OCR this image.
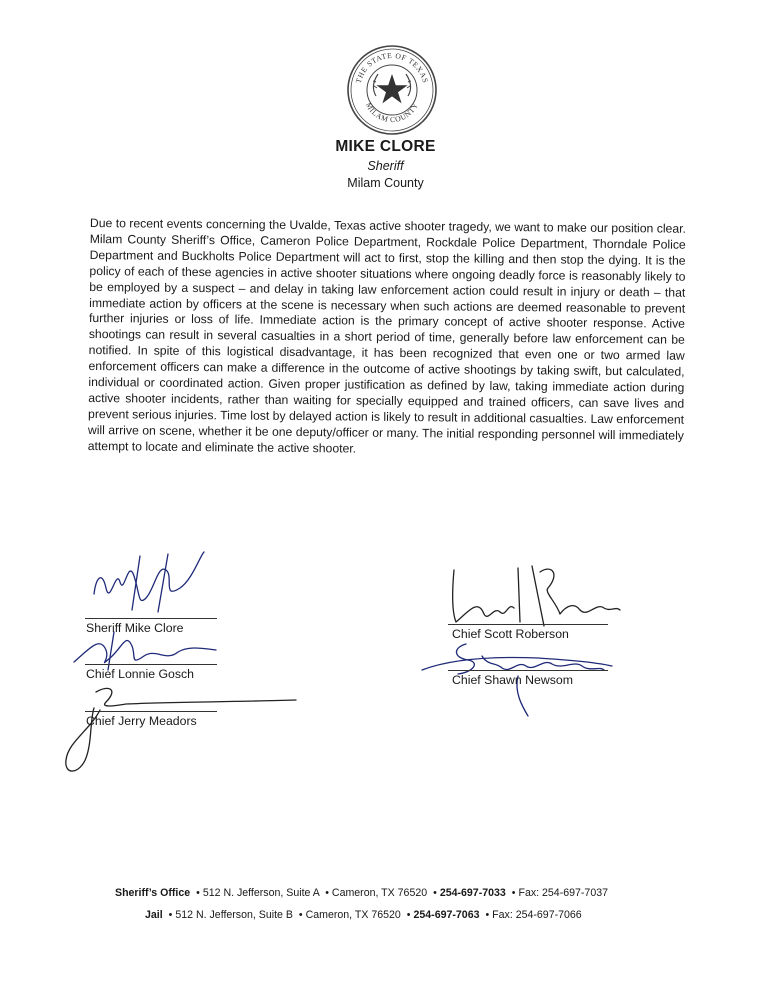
THE STATE OF TEXAS
MILAM COUNTY
MIKE CLORE
Sheriff
Milam County
Due to recent events concerning the Uvalde, Texas active shooter tragedy, we want to make our position clear. Milam County Sheriff’s Office, Cameron Police Department, Rockdale Police Department, Thorndale Police Department and Buckholts Police Department will act to first, stop the killing and then stop the dying. It is the policy of each of these agencies in active shooter situations where ongoing deadly force is reasonably likely to be employed by a suspect – and delay in taking law enforcement action could result in injury or death – that immediate action by officers at the scene is necessary when such actions are deemed reasonable to prevent further injuries or loss of life. Immediate action is the primary concept of active shooter response. Active shootings can result in several casualties in a short period of time, generally before law enforcement can be notified. In spite of this logistical disadvantage, it has been recognized that even one or two armed law enforcement officers can make a difference in the outcome of active shootings by taking swift, but calculated, individual or coordinated action. Given proper justification as defined by law, taking immediate action during active shooter incidents, rather than waiting for specially equipped and trained officers, can save lives and prevent serious injuries. Time lost by delayed action is likely to result in additional casualties. Law enforcement will arrive on scene, whether it be one deputy/officer or many. The initial responding personnel will immediately attempt to locate and eliminate the active shooter.
Sheriff Mike Clore
Chief Lonnie Gosch
Chief Jerry Meadors
Chief Scott Roberson
Chief Shawn Newsom
Sheriff’s Office • 512 N. Jefferson, Suite A • Cameron, TX 76520 • 254-697-7033 • Fax: 254-697-7037
Jail • 512 N. Jefferson, Suite B • Cameron, TX 76520 • 254-697-7063 • Fax: 254-697-7066
